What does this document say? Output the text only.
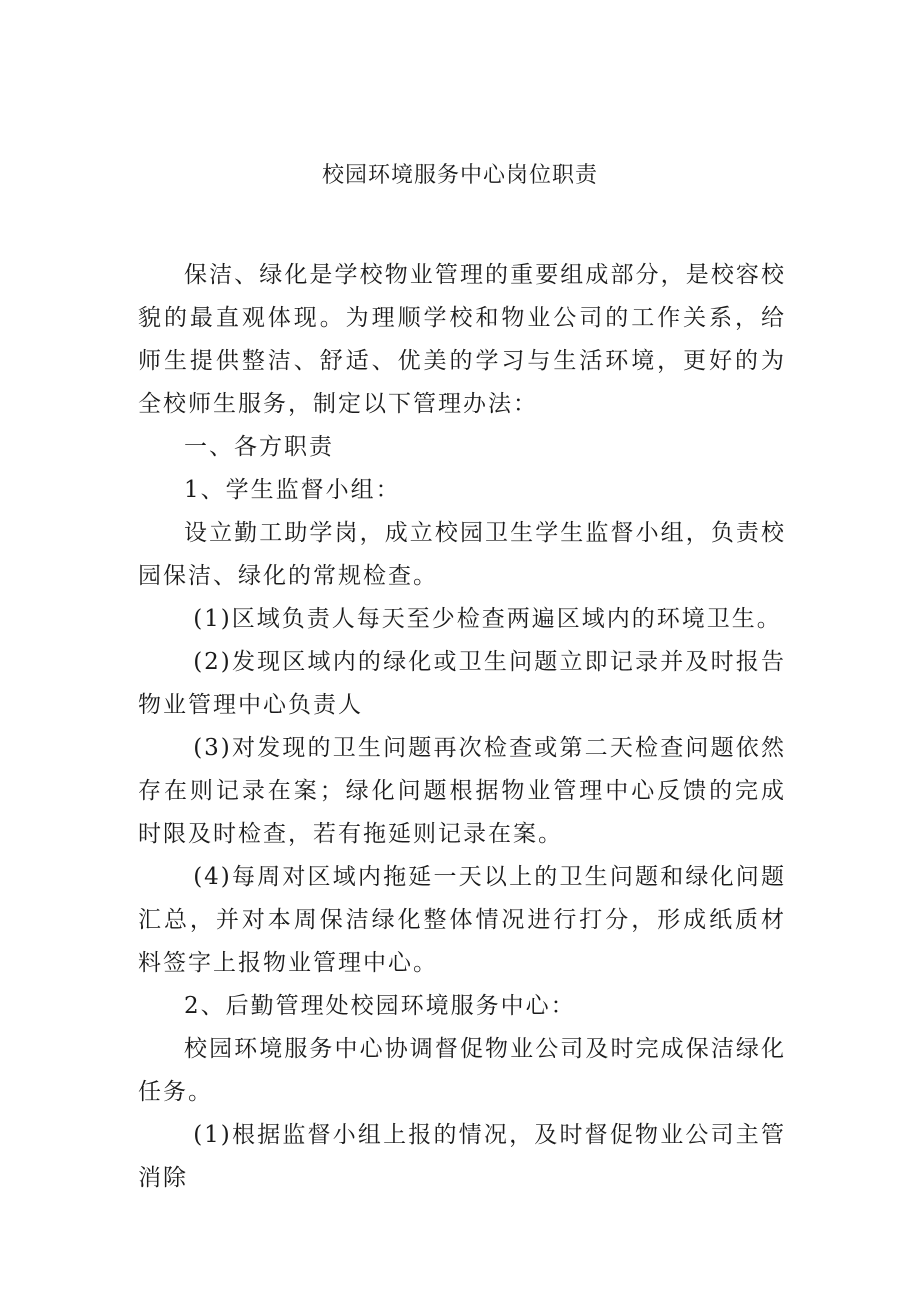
校园环境服务中心岗位职责

保洁、绿化是学校物业管理的重要组成部分，是校容校貌的最直观体现。为理顺学校和物业公司的工作关系，给师生提供整洁、舒适、优美的学习与生活环境，更好的为全校师生服务，制定以下管理办法：

一、各方职责

1、学生监督小组：

设立勤工助学岗，成立校园卫生学生监督小组，负责校园保洁、绿化的常规检查。

(1)区域负责人每天至少检查两遍区域内的环境卫生。

(2)发现区域内的绿化或卫生问题立即记录并及时报告物业管理中心负责人

(3)对发现的卫生问题再次检查或第二天检查问题依然存在则记录在案；绿化问题根据物业管理中心反馈的完成时限及时检查，若有拖延则记录在案。

(4)每周对区域内拖延一天以上的卫生问题和绿化问题汇总，并对本周保洁绿化整体情况进行打分，形成纸质材料签字上报物业管理中心。

2、后勤管理处校园环境服务中心：

校园环境服务中心协调督促物业公司及时完成保洁绿化任务。

(1)根据监督小组上报的情况，及时督促物业公司主管消除
